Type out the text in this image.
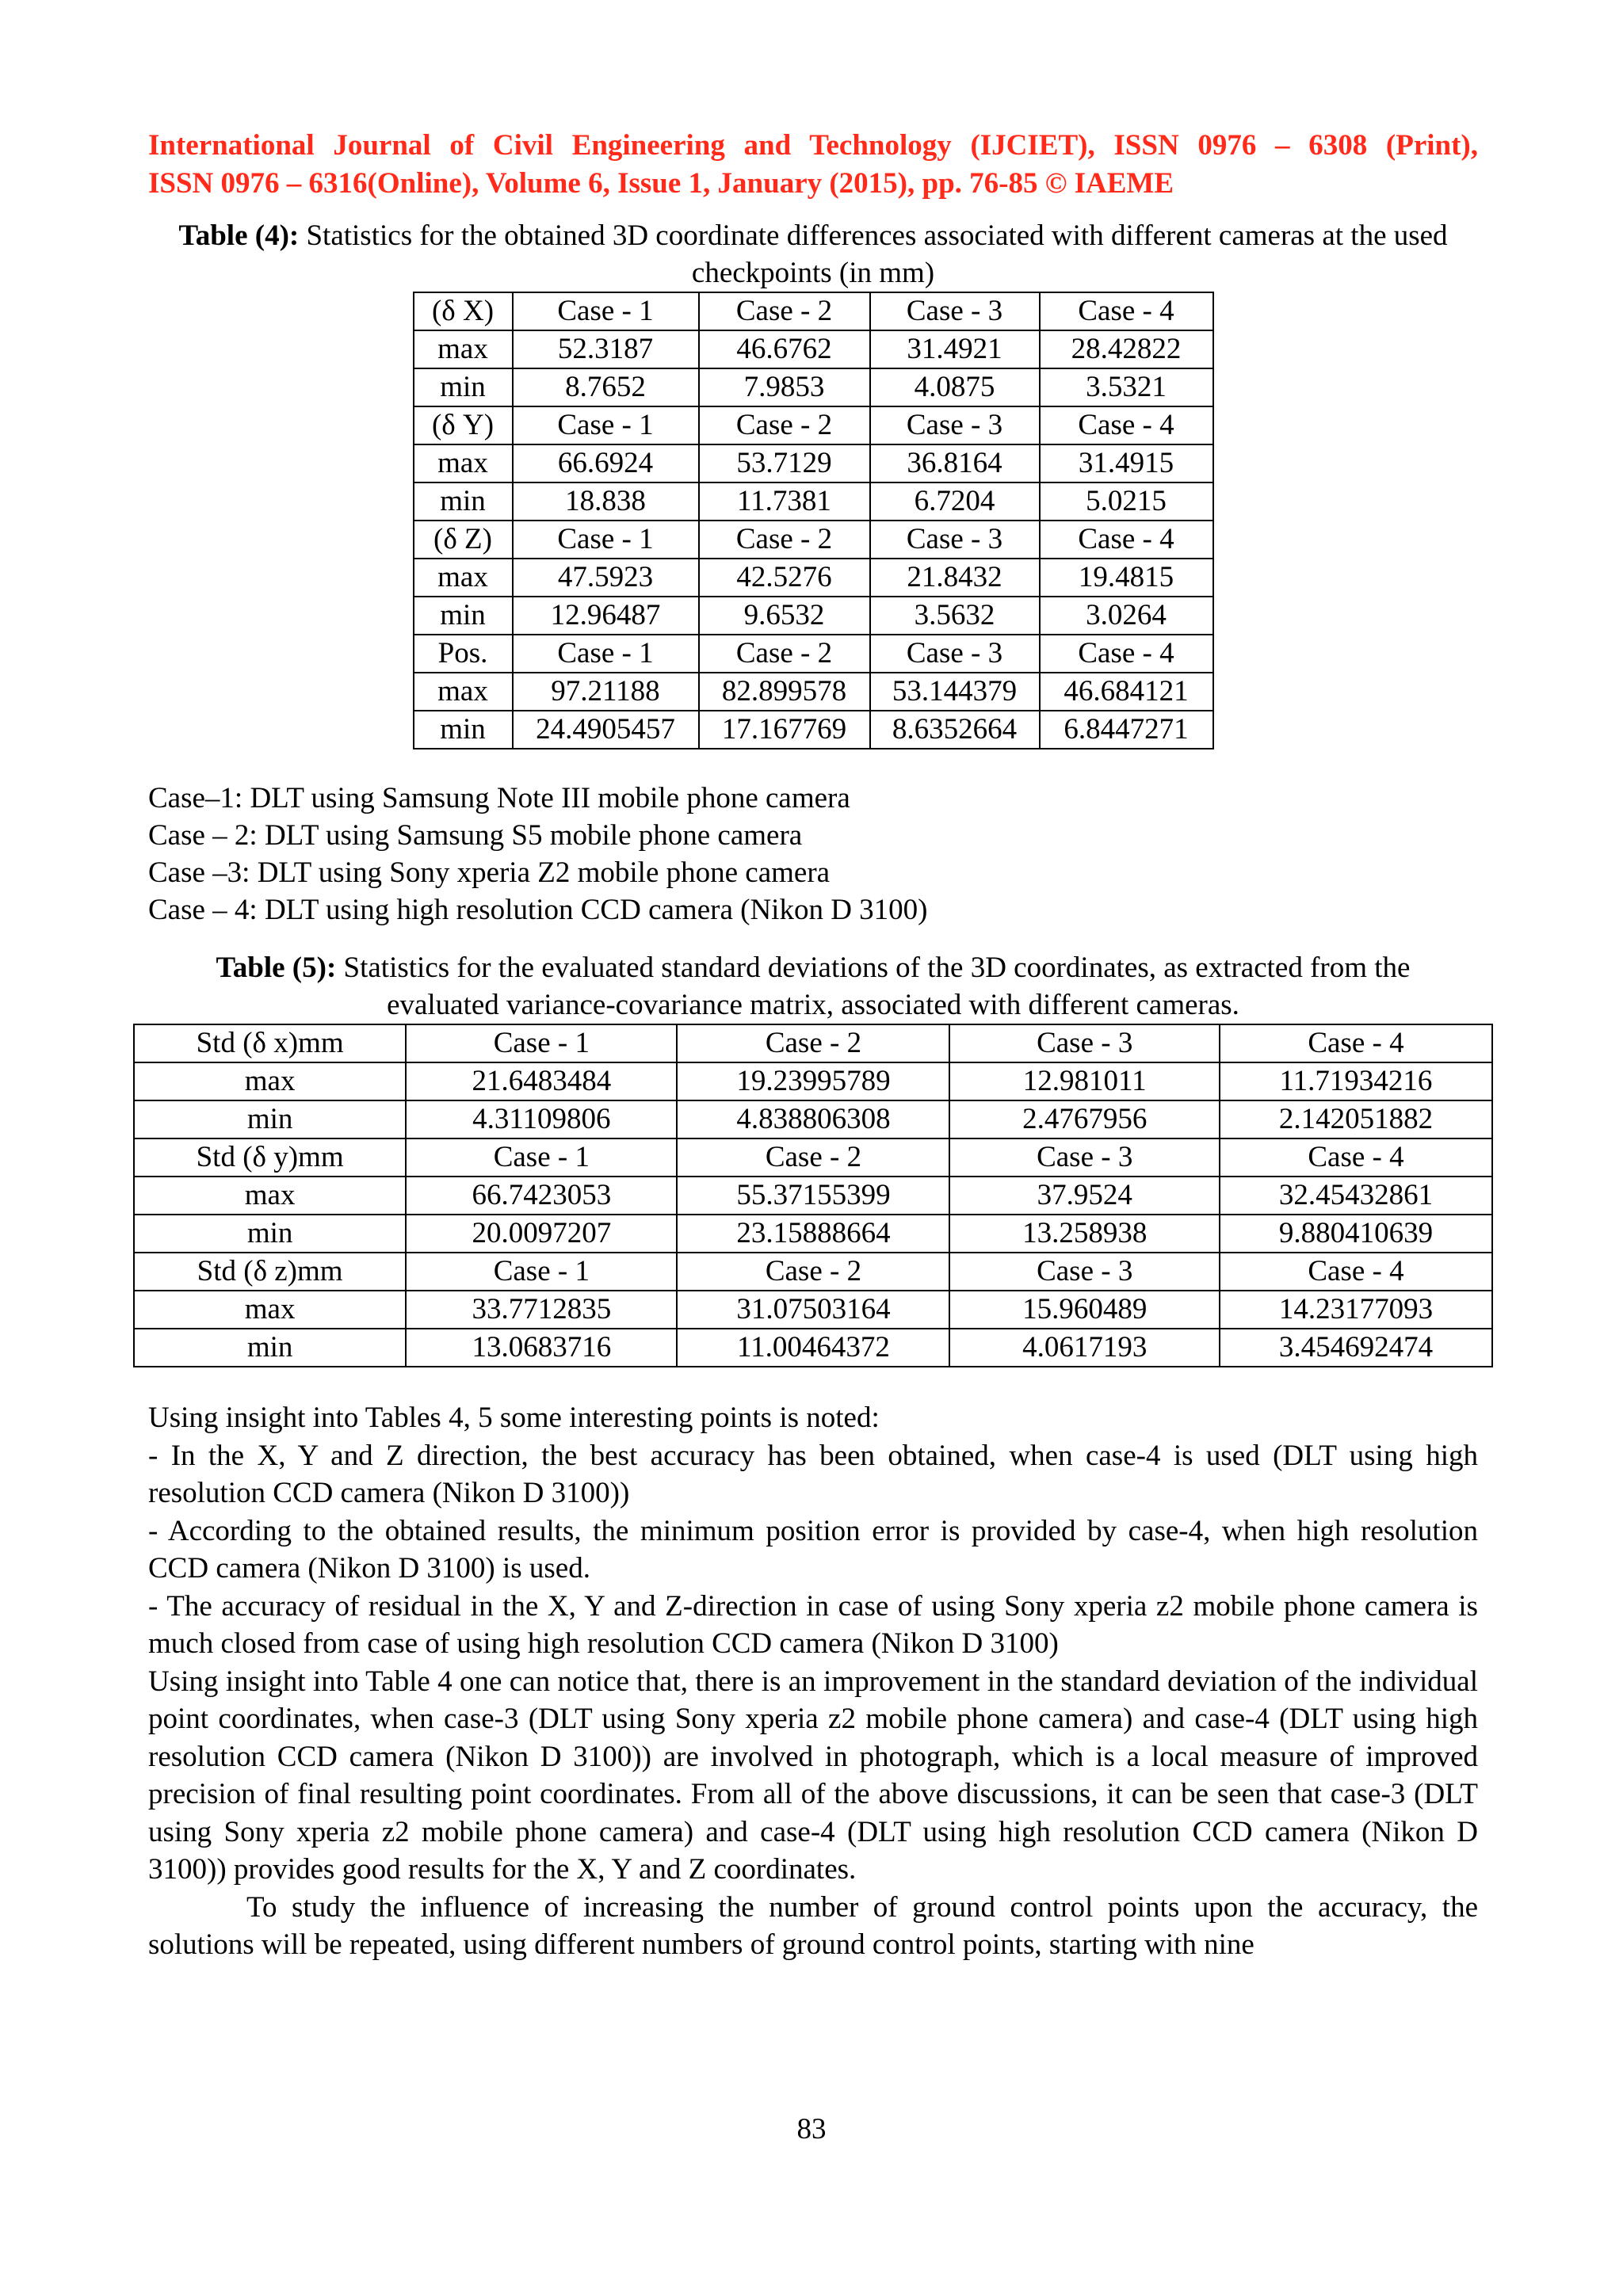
International Journal of Civil Engineering and Technology (IJCIET), ISSN 0976 – 6308 (Print),
ISSN 0976 – 6316(Online), Volume 6, Issue 1, January (2015), pp. 76-85 © IAEME

Table (4): Statistics for the obtained 3D coordinate differences associated with different cameras at the used checkpoints (in mm)

(δ X)	Case - 1	Case - 2	Case - 3	Case - 4
max	52.3187	46.6762	31.4921	28.42822
min	8.7652	7.9853	4.0875	3.5321
(δ Y)	Case - 1	Case - 2	Case - 3	Case - 4
max	66.6924	53.7129	36.8164	31.4915
min	18.838	11.7381	6.7204	5.0215
(δ Z)	Case - 1	Case - 2	Case - 3	Case - 4
max	47.5923	42.5276	21.8432	19.4815
min	12.96487	9.6532	3.5632	3.0264
Pos.	Case - 1	Case - 2	Case - 3	Case - 4
max	97.21188	82.899578	53.144379	46.684121
min	24.4905457	17.167769	8.6352664	6.8447271
Case–1: DLT using Samsung Note III mobile phone camera
Case – 2: DLT using Samsung S5 mobile phone camera
Case –3: DLT using Sony xperia Z2 mobile phone camera
Case – 4: DLT using high resolution CCD camera (Nikon D 3100)

Table (5): Statistics for the evaluated standard deviations of the 3D coordinates, as extracted from the evaluated variance-covariance matrix, associated with different cameras.

Std (δ x)mm	Case - 1	Case - 2	Case - 3	Case - 4
max	21.6483484	19.23995789	12.981011	11.71934216
min	4.31109806	4.838806308	2.4767956	2.142051882
Std (δ y)mm	Case - 1	Case - 2	Case - 3	Case - 4
max	66.7423053	55.37155399	37.9524	32.45432861
min	20.0097207	23.15888664	13.258938	9.880410639
Std (δ z)mm	Case - 1	Case - 2	Case - 3	Case - 4
max	33.7712835	31.07503164	15.960489	14.23177093
min	13.0683716	11.00464372	4.0617193	3.454692474

Using insight into Tables 4, 5 some interesting points is noted:

- In the X, Y and Z direction, the best accuracy has been obtained, when case-4 is used (DLT using high resolution CCD camera (Nikon D 3100))

- According to the obtained results, the minimum position error is provided by case-4, when high resolution CCD camera (Nikon D 3100) is used.

- The accuracy of residual in the X, Y and Z-direction in case of using Sony xperia z2 mobile phone camera is much closed from case of using high resolution CCD camera (Nikon D 3100)

Using insight into Table 4 one can notice that, there is an improvement in the standard deviation of the individual point coordinates, when case-3 (DLT using Sony xperia z2 mobile phone camera) and case-4 (DLT using high resolution CCD camera (Nikon D 3100)) are involved in photograph, which is a local measure of improved precision of final resulting point coordinates. From all of the above discussions, it can be seen that case-3 (DLT using Sony xperia z2 mobile phone camera) and case-4 (DLT using high resolution CCD camera (Nikon D 3100)) provides good results for the X, Y and Z coordinates.

To study the influence of increasing the number of ground control points upon the accuracy, the solutions will be repeated, using different numbers of ground control points, starting with nine

83
